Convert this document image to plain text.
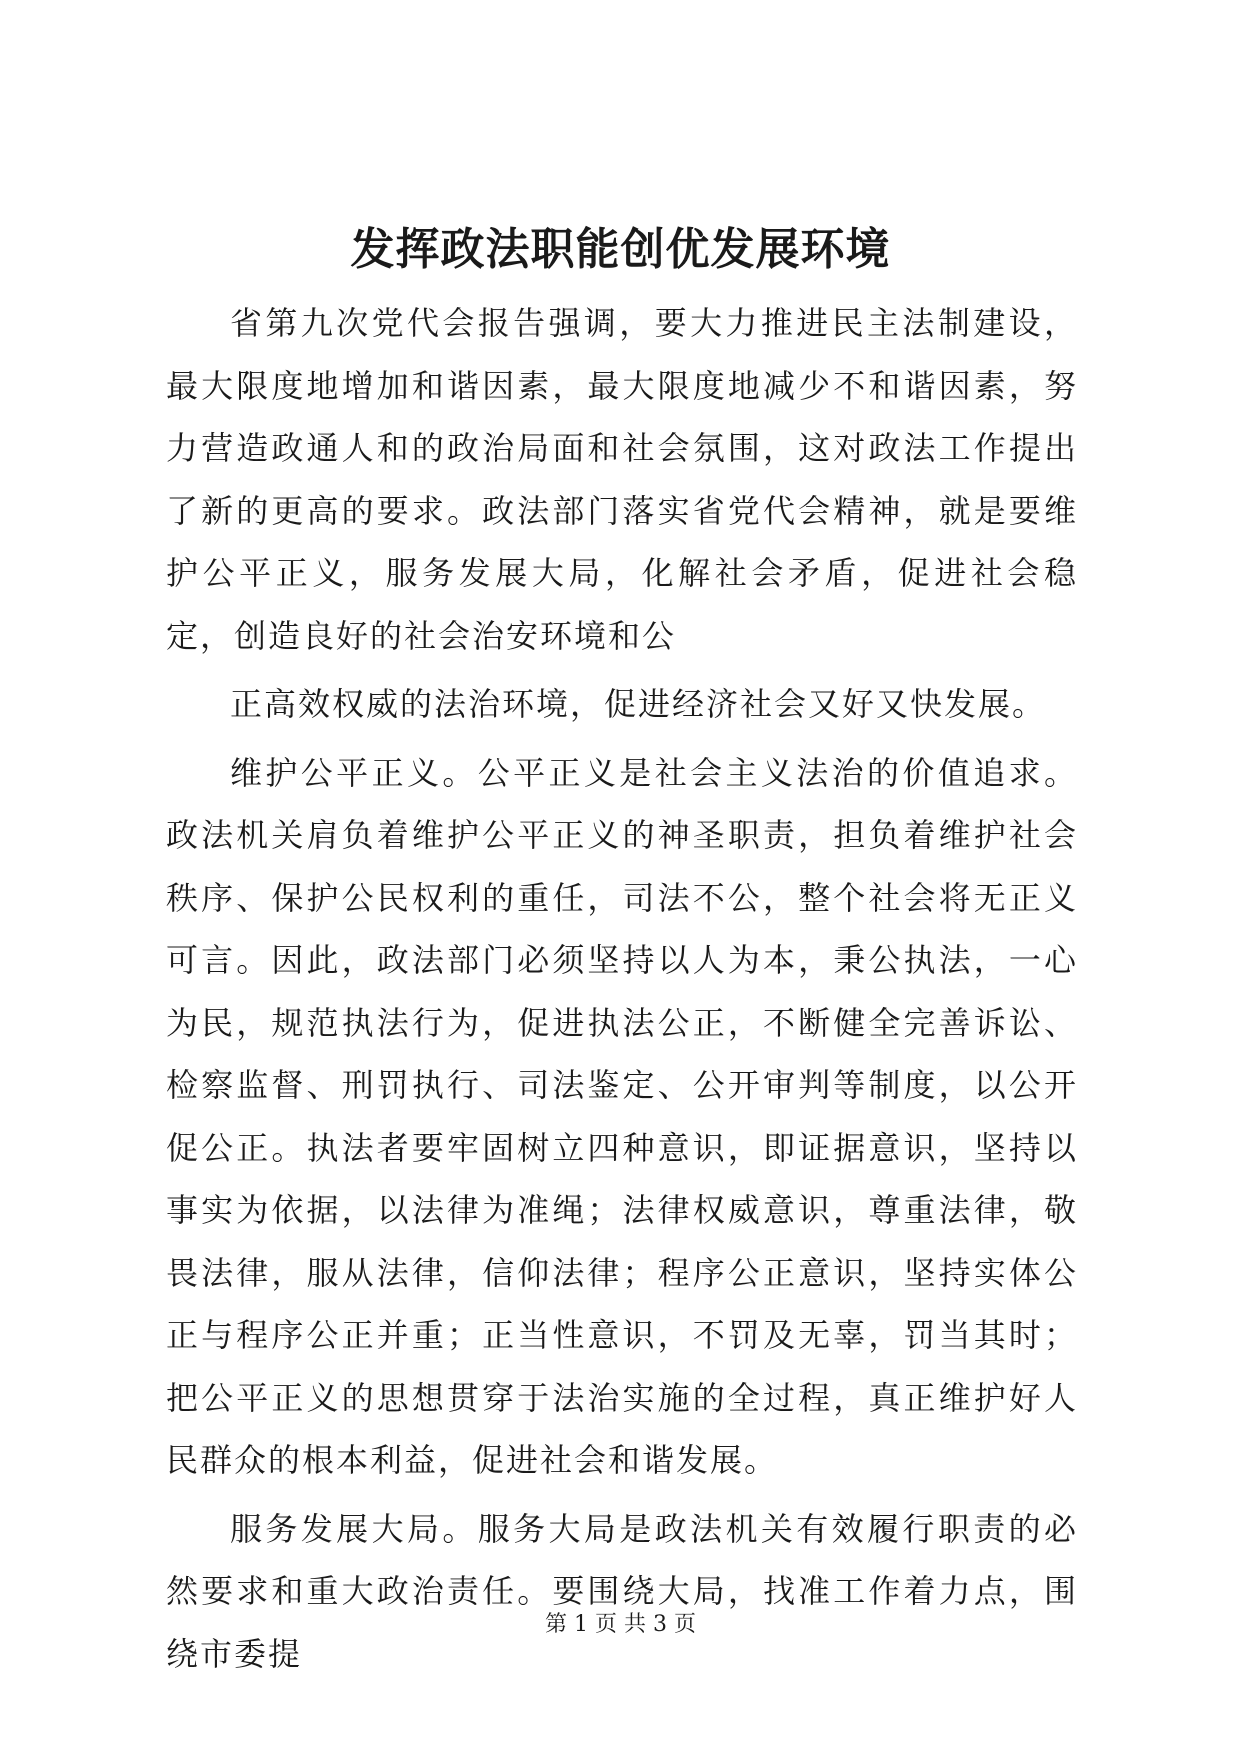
发挥政法职能创优发展环境

省第九次党代会报告强调，要大力推进民主法制建设，最大限度地增加和谐因素，最大限度地减少不和谐因素，努力营造政通人和的政治局面和社会氛围，这对政法工作提出了新的更高的要求。政法部门落实省党代会精神，就是要维护公平正义，服务发展大局，化解社会矛盾，促进社会稳定，创造良好的社会治安环境和公

正高效权威的法治环境，促进经济社会又好又快发展。

维护公平正义。公平正义是社会主义法治的价值追求。政法机关肩负着维护公平正义的神圣职责，担负着维护社会秩序、保护公民权利的重任，司法不公，整个社会将无正义可言。因此，政法部门必须坚持以人为本，秉公执法，一心为民，规范执法行为，促进执法公正，不断健全完善诉讼、检察监督、刑罚执行、司法鉴定、公开审判等制度，以公开促公正。执法者要牢固树立四种意识，即证据意识，坚持以事实为依据，以法律为准绳；法律权威意识，尊重法律，敬畏法律，服从法律，信仰法律；程序公正意识，坚持实体公正与程序公正并重；正当性意识，不罚及无辜，罚当其时；把公平正义的思想贯穿于法治实施的全过程，真正维护好人民群众的根本利益，促进社会和谐发展。

服务发展大局。服务大局是政法机关有效履行职责的必然要求和重大政治责任。要围绕大局，找准工作着力点，围绕市委提

第 1 页 共 3 页
